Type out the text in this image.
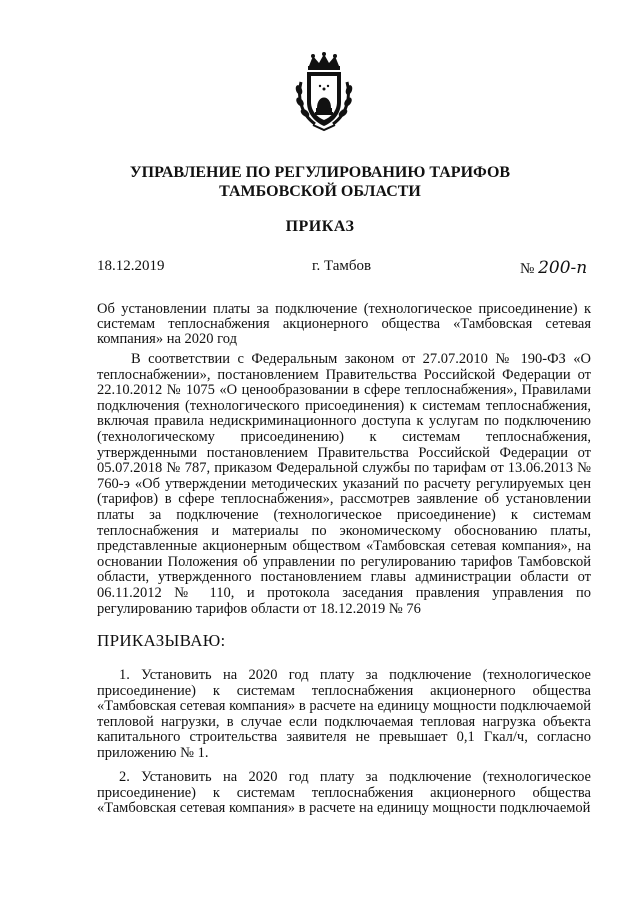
УПРАВЛЕНИЕ ПО РЕГУЛИРОВАНИЮ ТАРИФОВ
ТАМБОВСКОЙ ОБЛАСТИ
ПРИКАЗ
18.12.2019	г. Тамбов	№ 200-п
Об установлении платы за подключение (технологическое присоединение) к системам теплоснабжения акционерного общества «Тамбовская сетевая компания» на 2020 год
В соответствии с Федеральным законом от 27.07.2010 № 190-ФЗ «О теплоснабжении», постановлением Правительства Российской Федерации от 22.10.2012 № 1075 «О ценообразовании в сфере теплоснабжения», Правилами подключения (технологического присоединения) к системам теплоснабжения, включая правила недискриминационного доступа к услугам по подключению (технологическому присоединению) к системам теплоснабжения, утвержденными постановлением Правительства Российской Федерации от 05.07.2018 № 787, приказом Федеральной службы по тарифам от 13.06.2013 № 760-э «Об утверждении методических указаний по расчету регулируемых цен (тарифов) в сфере теплоснабжения», рассмотрев заявление об установлении платы за подключение (технологическое присоединение) к системам теплоснабжения и материалы по экономическому обоснованию платы, представленные акционерным обществом «Тамбовская сетевая компания», на основании Положения об управлении по регулированию тарифов Тамбовской области, утвержденного постановлением главы администрации области от 06.11.2012 № 110, и протокола заседания правления управления по регулированию тарифов области от 18.12.2019 № 76
ПРИКАЗЫВАЮ:
1. Установить на 2020 год плату за подключение (технологическое присоединение) к системам теплоснабжения акционерного общества «Тамбовская сетевая компания» в расчете на единицу мощности подключаемой тепловой нагрузки, в случае если подключаемая тепловая нагрузка объекта капитального строительства заявителя не превышает 0,1 Гкал/ч, согласно приложению № 1.
2. Установить на 2020 год плату за подключение (технологическое присоединение) к системам теплоснабжения акционерного общества «Тамбовская сетевая компания» в расчете на единицу мощности подключаемой
